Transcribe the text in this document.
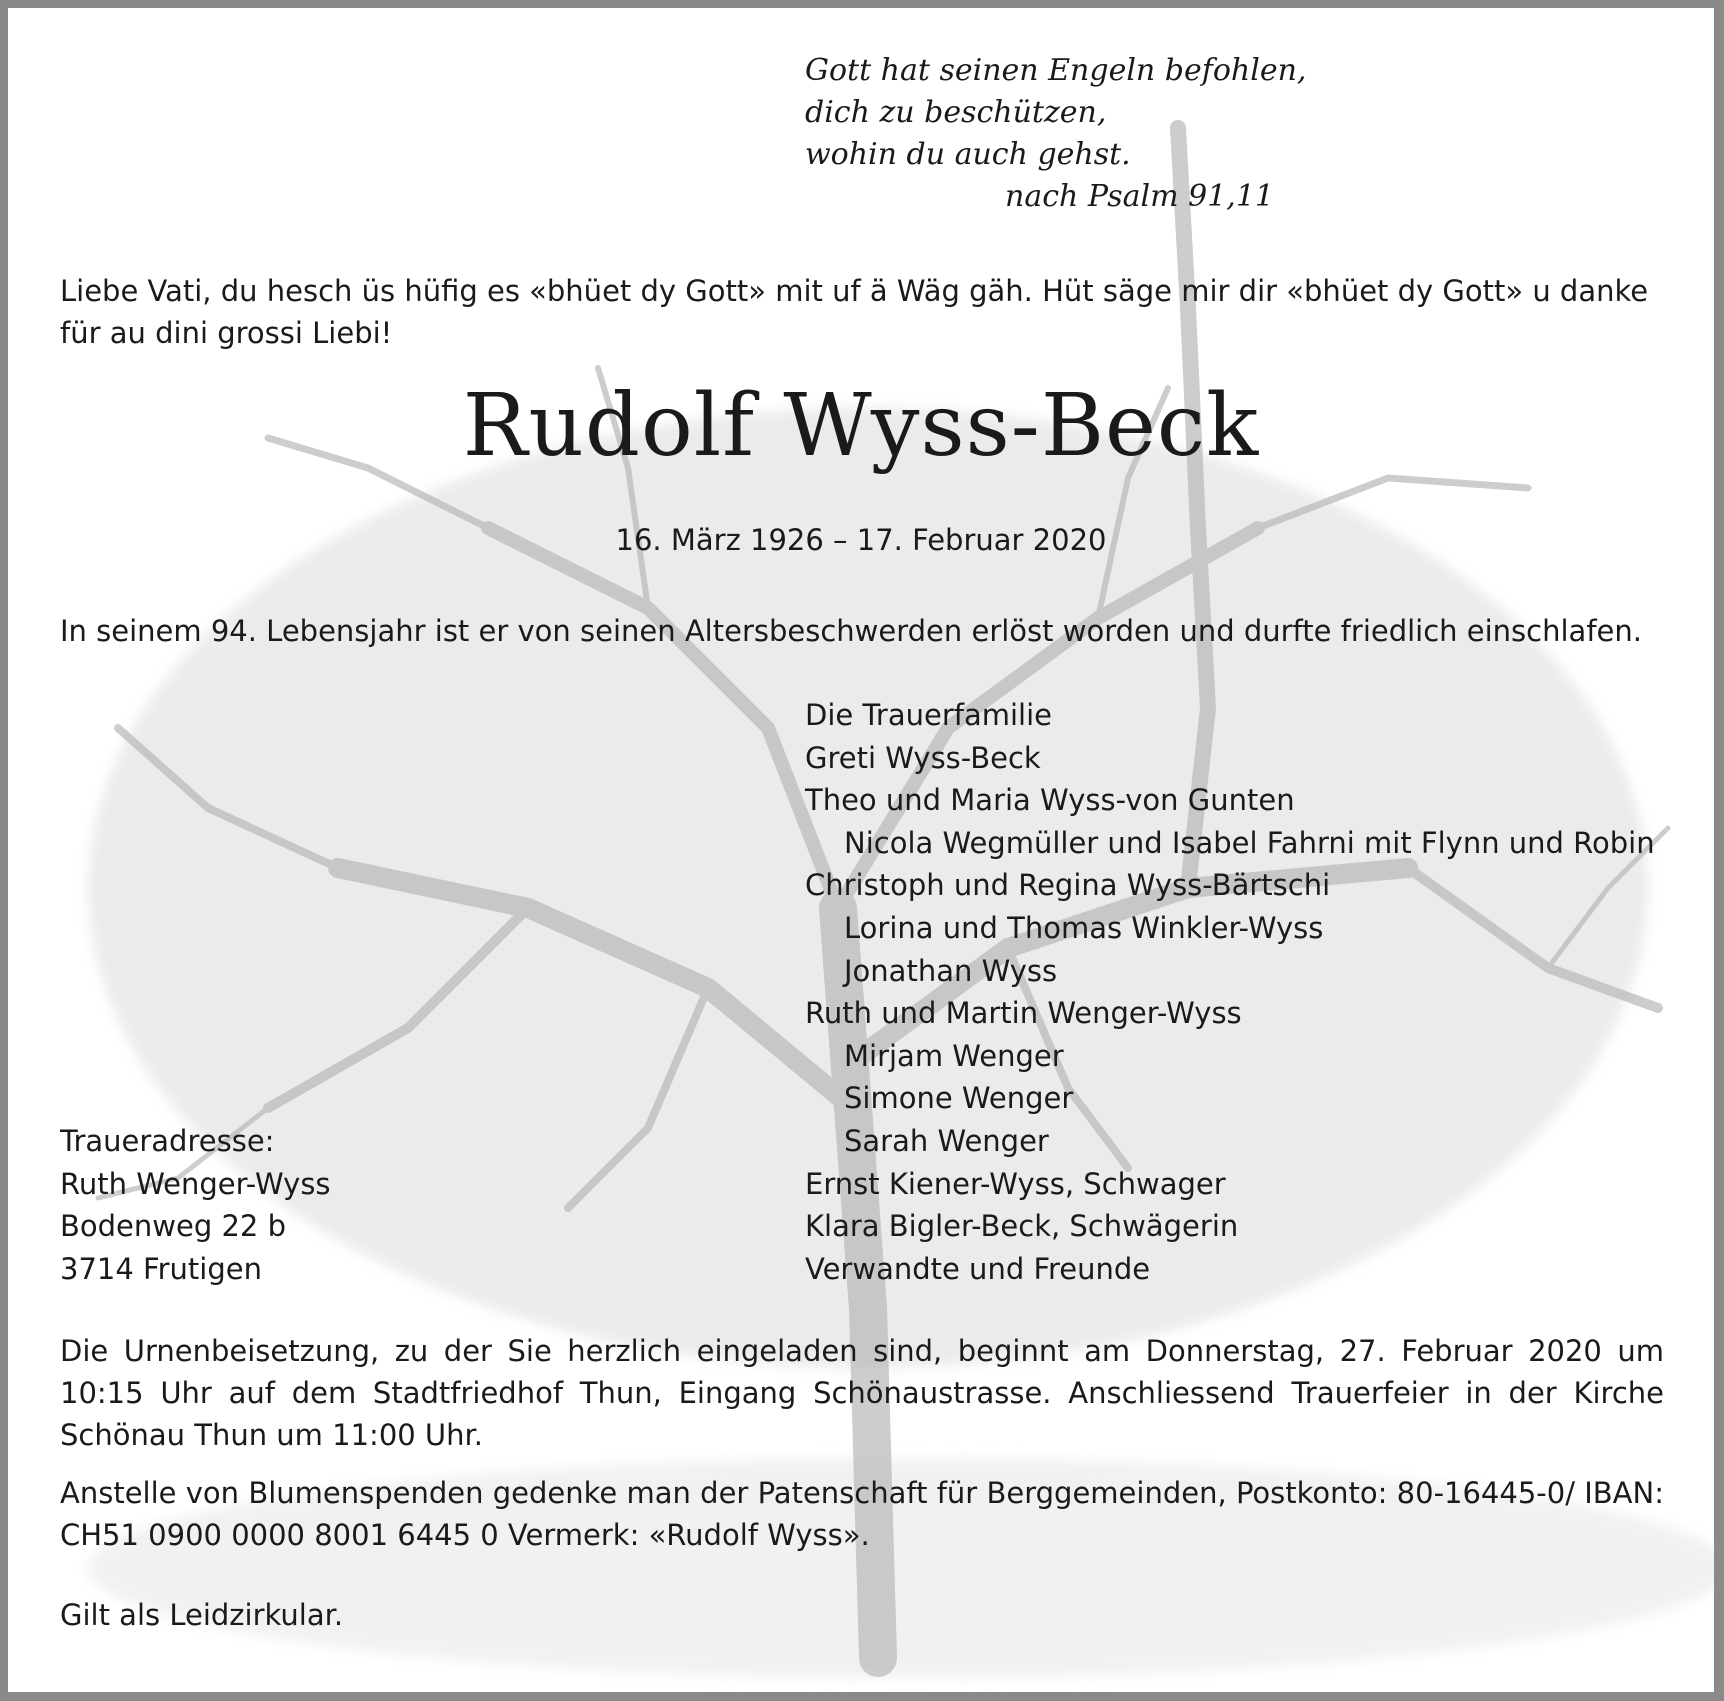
Gott hat seinen Engeln befohlen,
dich zu beschützen,
wohin du auch gehst.
nach Psalm 91,11
Liebe Vati, du hesch üs hüfig es «bhüet dy Gott» mit uf ä Wäg gäh. Hüt säge mir dir «bhüet dy Gott» u danke für au dini grossi Liebi!
Rudolf Wyss-Beck
16. März 1926 – 17. Februar 2020
In seinem 94. Lebensjahr ist er von seinen Altersbeschwerden erlöst worden und durfte friedlich einschlafen.
Die Trauerfamilie
Greti Wyss-Beck
Theo und Maria Wyss-von Gunten
Nicola Wegmüller und Isabel Fahrni mit Flynn und Robin
Christoph und Regina Wyss-Bärtschi
Lorina und Thomas Winkler-Wyss
Jonathan Wyss
Ruth und Martin Wenger-Wyss
Mirjam Wenger
Simone Wenger
Sarah Wenger
Ernst Kiener-Wyss, Schwager
Klara Bigler-Beck, Schwägerin
Verwandte und Freunde
Traueradresse:
Ruth Wenger-Wyss
Bodenweg 22 b
3714 Frutigen
Die Urnenbeisetzung, zu der Sie herzlich eingeladen sind, beginnt am Donnerstag, 27. Februar 2020 um 10:15 Uhr auf dem Stadtfriedhof Thun, Eingang Schönaustrasse. Anschliessend Trauerfeier in der Kirche Schönau Thun um 11:00 Uhr.
Anstelle von Blumenspenden gedenke man der Patenschaft für Berggemeinden, Postkonto: 80-16445-0/ IBAN: CH51 0900 0000 8001 6445 0 Vermerk: «Rudolf Wyss».
Gilt als Leidzirkular.
